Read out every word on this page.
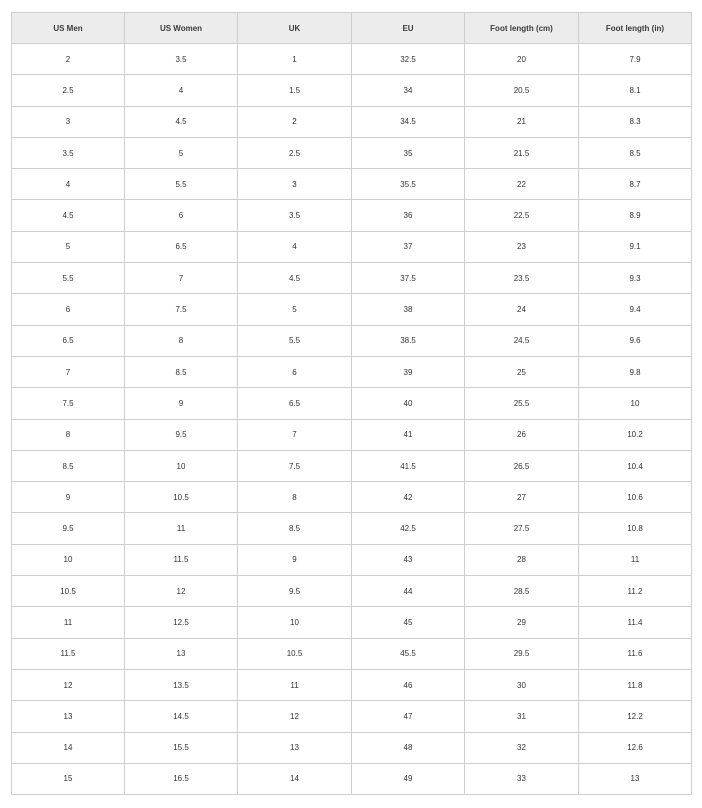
US Men	US Women	UK	EU	Foot length (cm)	Foot length (in)
2	3.5	1	32.5	20	7.9
2.5	4	1.5	34	20.5	8.1
3	4.5	2	34.5	21	8.3
3.5	5	2.5	35	21.5	8.5
4	5.5	3	35.5	22	8.7
4.5	6	3.5	36	22.5	8.9
5	6.5	4	37	23	9.1
5.5	7	4.5	37.5	23.5	9.3
6	7.5	5	38	24	9.4
6.5	8	5.5	38.5	24.5	9.6
7	8.5	6	39	25	9.8
7.5	9	6.5	40	25.5	10
8	9.5	7	41	26	10.2
8.5	10	7.5	41.5	26.5	10.4
9	10.5	8	42	27	10.6
9.5	11	8.5	42.5	27.5	10.8
10	11.5	9	43	28	11
10.5	12	9.5	44	28.5	11.2
11	12.5	10	45	29	11.4
11.5	13	10.5	45.5	29.5	11.6
12	13.5	11	46	30	11.8
13	14.5	12	47	31	12.2
14	15.5	13	48	32	12.6
15	16.5	14	49	33	13
